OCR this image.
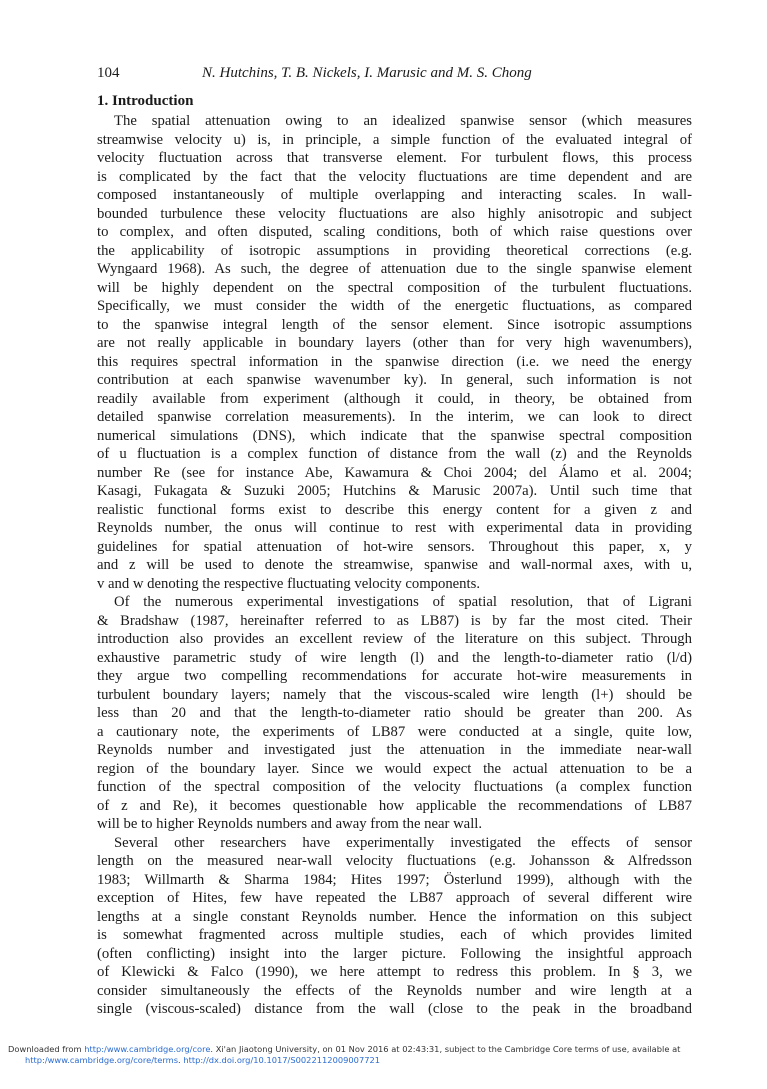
104	N. Hutchins, T. B. Nickels, I. Marusic and M. S. Chong
1. Introduction
The spatial attenuation owing to an idealized spanwise sensor (which measures
streamwise velocity u) is, in principle, a simple function of the evaluated integral of
velocity fluctuation across that transverse element. For turbulent flows, this process
is complicated by the fact that the velocity fluctuations are time dependent and are
composed instantaneously of multiple overlapping and interacting scales. In wall-
bounded turbulence these velocity fluctuations are also highly anisotropic and subject
to complex, and often disputed, scaling conditions, both of which raise questions over
the applicability of isotropic assumptions in providing theoretical corrections (e.g.
Wyngaard 1968). As such, the degree of attenuation due to the single spanwise element
will be highly dependent on the spectral composition of the turbulent fluctuations.
Specifically, we must consider the width of the energetic fluctuations, as compared
to the spanwise integral length of the sensor element. Since isotropic assumptions
are not really applicable in boundary layers (other than for very high wavenumbers),
this requires spectral information in the spanwise direction (i.e. we need the energy
contribution at each spanwise wavenumber ky). In general, such information is not
readily available from experiment (although it could, in theory, be obtained from
detailed spanwise correlation measurements). In the interim, we can look to direct
numerical simulations (DNS), which indicate that the spanwise spectral composition
of u fluctuation is a complex function of distance from the wall (z) and the Reynolds
number Re (see for instance Abe, Kawamura & Choi 2004; del Álamo et al. 2004;
Kasagi, Fukagata & Suzuki 2005; Hutchins & Marusic 2007a). Until such time that
realistic functional forms exist to describe this energy content for a given z and
Reynolds number, the onus will continue to rest with experimental data in providing
guidelines for spatial attenuation of hot-wire sensors. Throughout this paper, x, y
and z will be used to denote the streamwise, spanwise and wall-normal axes, with u,
v and w denoting the respective fluctuating velocity components.
Of the numerous experimental investigations of spatial resolution, that of Ligrani
& Bradshaw (1987, hereinafter referred to as LB87) is by far the most cited. Their
introduction also provides an excellent review of the literature on this subject. Through
exhaustive parametric study of wire length (l) and the length-to-diameter ratio (l/d)
they argue two compelling recommendations for accurate hot-wire measurements in
turbulent boundary layers; namely that the viscous-scaled wire length (l+) should be
less than 20 and that the length-to-diameter ratio should be greater than 200. As
a cautionary note, the experiments of LB87 were conducted at a single, quite low,
Reynolds number and investigated just the attenuation in the immediate near-wall
region of the boundary layer. Since we would expect the actual attenuation to be a
function of the spectral composition of the velocity fluctuations (a complex function
of z and Re), it becomes questionable how applicable the recommendations of LB87
will be to higher Reynolds numbers and away from the near wall.
Several other researchers have experimentally investigated the effects of sensor
length on the measured near-wall velocity fluctuations (e.g. Johansson & Alfredsson
1983; Willmarth & Sharma 1984; Hites 1997; Österlund 1999), although with the
exception of Hites, few have repeated the LB87 approach of several different wire
lengths at a single constant Reynolds number. Hence the information on this subject
is somewhat fragmented across multiple studies, each of which provides limited
(often conflicting) insight into the larger picture. Following the insightful approach
of Klewicki & Falco (1990), we here attempt to redress this problem. In § 3, we
consider simultaneously the effects of the Reynolds number and wire length at a
single (viscous-scaled) distance from the wall (close to the peak in the broadband

Downloaded from http:/www.cambridge.org/core. Xi'an Jiaotong University, on 01 Nov 2016 at 02:43:31, subject to the Cambridge Core terms of use, available at

http:/www.cambridge.org/core/terms. http://dx.doi.org/10.1017/S0022112009007721
